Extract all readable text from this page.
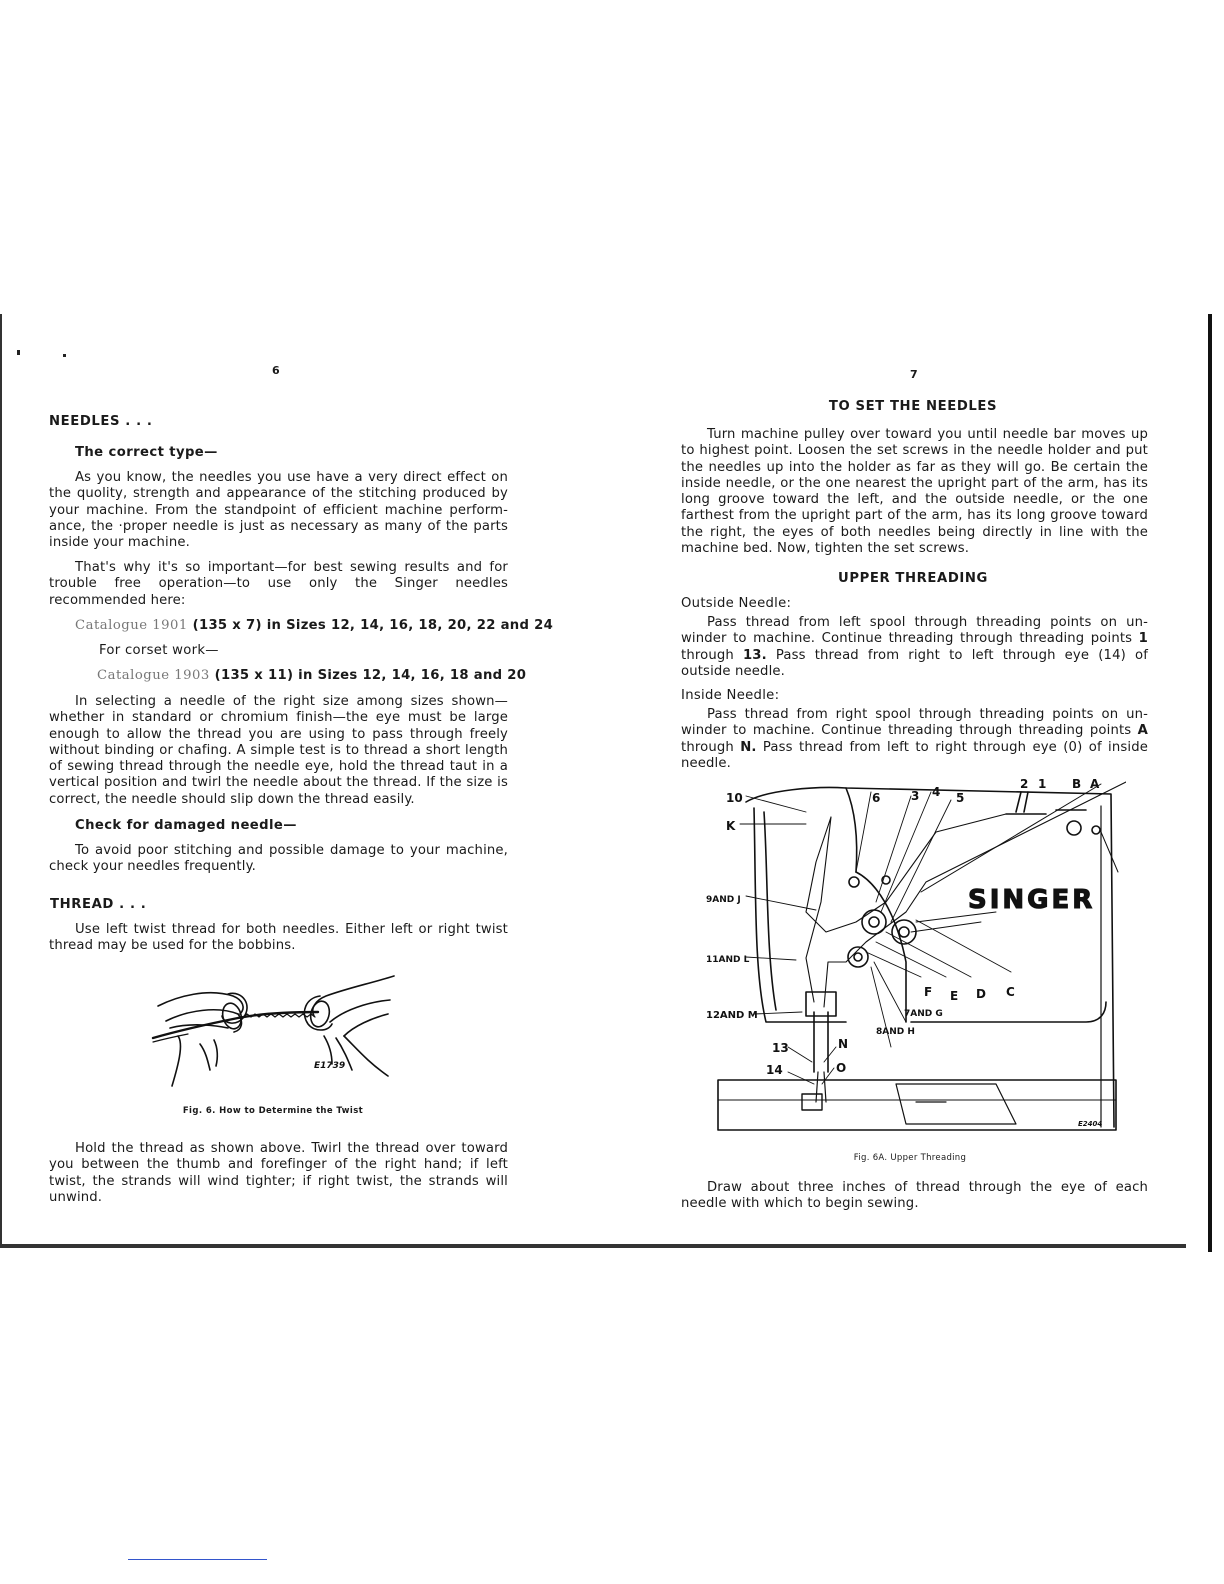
6
NEEDLES . . .
The correct type—
As you know, the needles you use have a very direct effect on the quolity, strength and appearance of the stitching produced by your machine. From the standpoint of efficient machine perform-ance, the ·proper needle is just as necessary as many of the parts inside your machine.
That's why it's so important—for best sewing results and for trouble free operation—to use only the Singer needles recommended here:
Catalogue 1901 (135 x 7) in Sizes 12, 14, 16, 18, 20, 22 and 24
For corset work—
Catalogue 1903 (135 x 11) in Sizes 12, 14, 16, 18 and 20
In selecting a needle of the right size among sizes shown—whether in standard or chromium finish—the eye must be large enough to allow the thread you are using to pass through freely without binding or chafing. A simple test is to thread a short length of sewing thread through the needle eye, hold the thread taut in a vertical position and twirl the needle about the thread. If the size is correct, the needle should slip down the thread easily.
Check for damaged needle—
To avoid poor stitching and possible damage to your machine, check your needles frequently.
THREAD . . .
Use left twist thread for both needles. Either left or right twist thread may be used for the bobbins.
E1739
Fig. 6. How to Determine the Twist
Hold the thread as shown above. Twirl the thread over toward you between the thumb and forefinger of the right hand; if left twist, the strands will wind tighter; if right twist, the strands will unwind.
7
TO SET THE NEEDLES
Turn machine pulley over toward you until needle bar moves up to highest point. Loosen the set screws in the needle holder and put the needles up into the holder as far as they will go. Be certain the inside needle, or the one nearest the upright part of the arm, has its long groove toward the left, and the outside needle, or the one farthest from the upright part of the arm, has its long groove toward the right, the eyes of both needles being directly in line with the machine bed. Now, tighten the set screws.
UPPER THREADING
Outside Needle:
Pass thread from left spool through threading points on un-winder to machine. Continue threading through threading points 1 through 13. Pass thread from right to left through eye (14) of outside needle.
Inside Needle:
Pass thread from right spool through threading points on un-winder to machine. Continue threading through threading points A through N. Pass thread from left to right through eye (0) of inside needle.
SINGER
10
K
9AND J
11AND L
12AND M
13
14
N
O
6	3 4 5
2 1 B A
F E D C
7AND G
8AND H
E2404
Fig. 6A. Upper Threading
Draw about three inches of thread through the eye of each needle with which to begin sewing.
